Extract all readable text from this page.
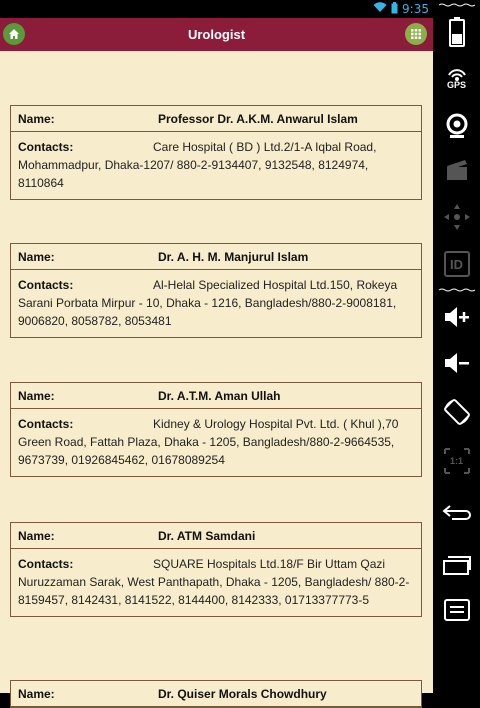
9:35
Urologist
Name:	Professor Dr. A.K.M. Anwarul Islam
Contacts:	Care Hospital ( BD ) Ltd.2/1-A Iqbal Road, Mohammadpur, Dhaka-1207/ 880-2-9134407, 9132548, 8124974, 8110864
Name:	Dr. A. H. M. Manjurul Islam
Contacts:	Al-Helal Specialized Hospital Ltd.150, Rokeya Sarani Porbata Mirpur - 10, Dhaka - 1216, Bangladesh/880-2-9008181, 9006820, 8058782, 8053481
Name:	Dr. A.T.M. Aman Ullah
Contacts:	Kidney & Urology Hospital Pvt. Ltd. ( Khul ),70 Green Road, Fattah Plaza, Dhaka - 1205, Bangladesh/880-2-9664535, 9673739, 01926845462, 01678089254
Name:	Dr. ATM Samdani
Contacts:	SQUARE Hospitals Ltd.18/F Bir Uttam Qazi Nuruzzaman Sarak, West Panthapath, Dhaka - 1205, Bangladesh/ 880-2-8159457, 8142431, 8141522, 8144400, 8142333, 01713377773-5
Name:	Dr. Quiser Morals Chowdhury
GPS
ID
1:1
